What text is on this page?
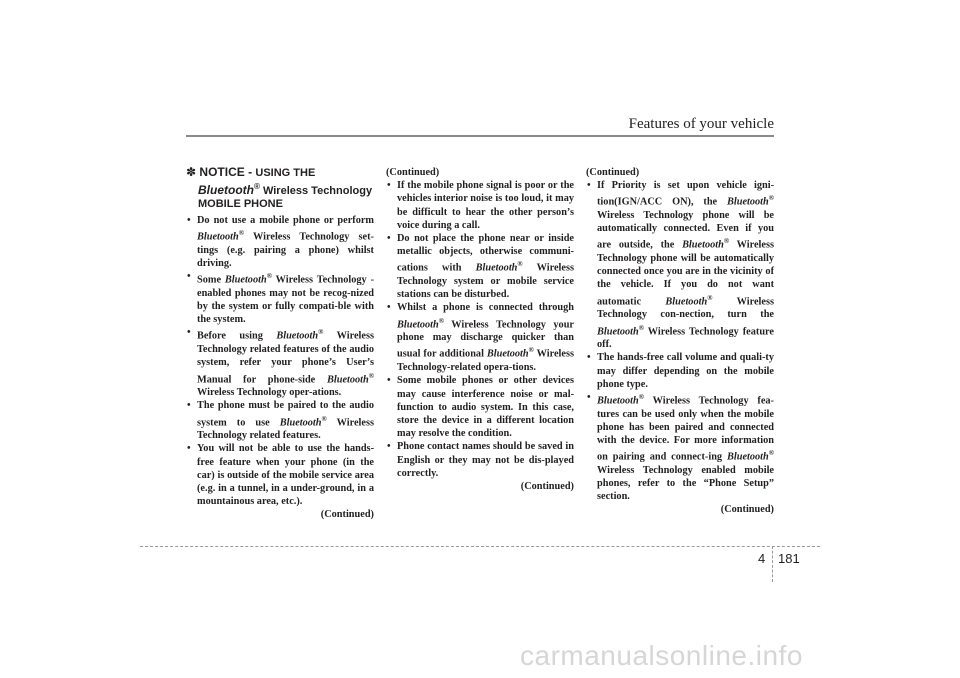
Features of your vehicle
✽ NOTICE - USING THE
Bluetooth® Wireless Technology
MOBILE PHONE
• Do not use a mobile phone or perform Bluetooth® Wireless Technology set-tings (e.g. pairing a phone) whilst driving.
• Some Bluetooth® Wireless Technology -enabled phones may not be recog-nized by the system or fully compati-ble with the system.
• Before using Bluetooth® Wireless Technology related features of the audio system, refer your phone’s User’s Manual for phone-side Bluetooth® Wireless Technology oper-ations.
• The phone must be paired to the audio system to use Bluetooth® Wireless Technology related features.
• You will not be able to use the hands-free feature when your phone (in the car) is outside of the mobile service area (e.g. in a tunnel, in a under-ground, in a mountainous area, etc.).
(Continued)
(Continued)
• If the mobile phone signal is poor or the vehicles interior noise is too loud, it may be difficult to hear the other person’s voice during a call.
• Do not place the phone near or inside metallic objects, otherwise communi-cations with Bluetooth® Wireless Technology system or mobile service stations can be disturbed.
• Whilst a phone is connected through Bluetooth® Wireless Technology your phone may discharge quicker than usual for additional Bluetooth® Wireless Technology-related opera-tions.
• Some mobile phones or other devices may cause interference noise or mal-function to audio system. In this case, store the device in a different location may resolve the condition.
• Phone contact names should be saved in English or they may not be dis-played correctly.
(Continued)
(Continued)
• If Priority is set upon vehicle igni-tion(IGN/ACC ON), the Bluetooth® Wireless Technology phone will be automatically connected. Even if you are outside, the Bluetooth® Wireless Technology phone will be automatically connected once you are in the vicinity of the vehicle. If you do not want automatic Bluetooth® Wireless Technology con-nection, turn the Bluetooth® Wireless Technology feature off.
• The hands-free call volume and quali-ty may differ depending on the mobile phone type.
• Bluetooth® Wireless Technology fea-tures can be used only when the mobile phone has been paired and connected with the device. For more information on pairing and connect-ing Bluetooth® Wireless Technology enabled mobile phones, refer to the “Phone Setup” section.
(Continued)
4 181
carmanualsonline.info
